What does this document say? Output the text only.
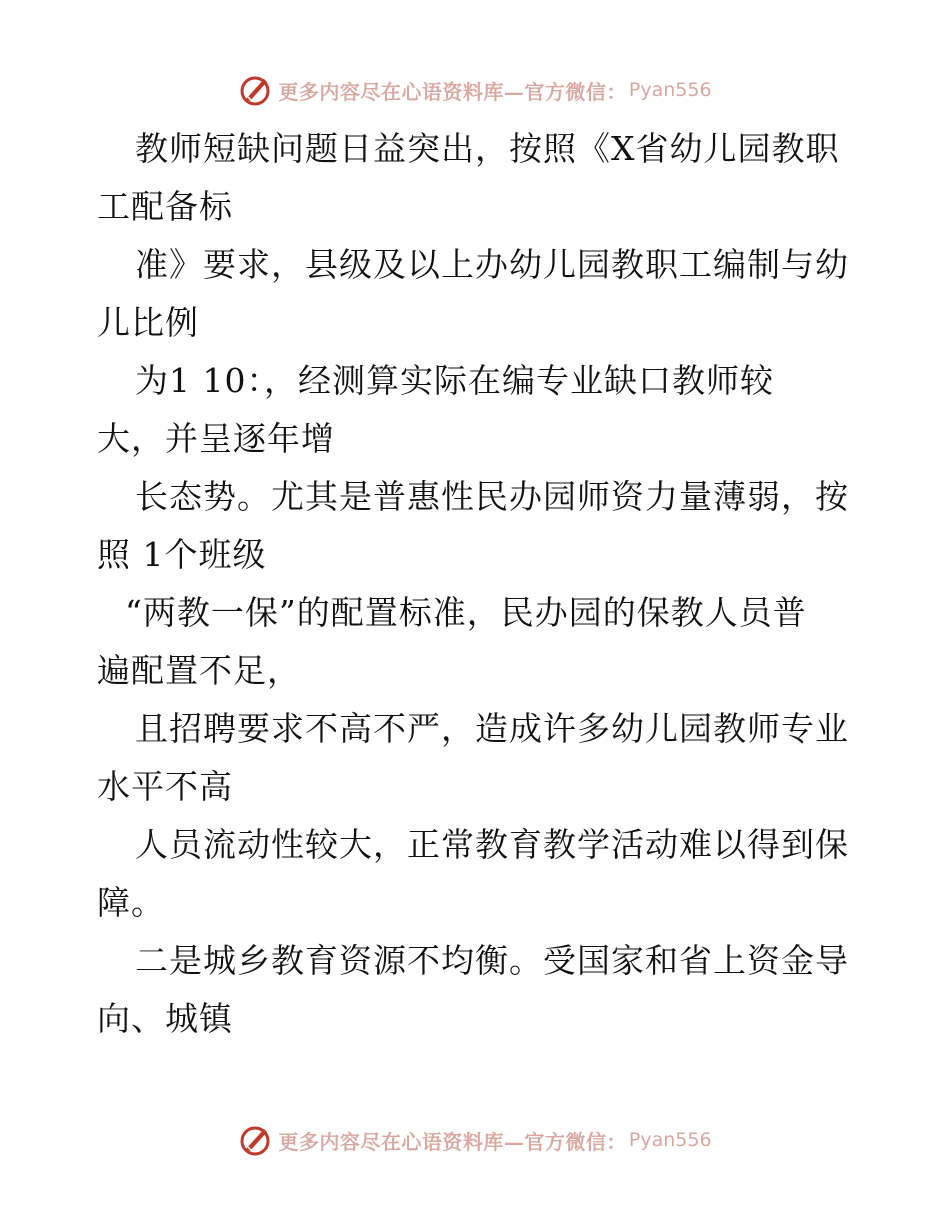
更多内容尽在心语资料库—官方微信： Pyan556
教师短缺问题日益突出，按照《X省幼儿园教职
工配备标
准》要求，县级及以上办幼儿园教职工编制与幼
儿比例
为1 10：，经测算实际在编专业缺口教师较
大，并呈逐年增
长态势。尤其是普惠性民办园师资力量薄弱，按
照 1个班级
“两教一保”的配置标准，民办园的保教人员普
遍配置不足，
且招聘要求不高不严，造成许多幼儿园教师专业
水平不高
人员流动性较大，正常教育教学活动难以得到保
障。
二是城乡教育资源不均衡。受国家和省上资金导
向、城镇
更多内容尽在心语资料库—官方微信： Pyan556
